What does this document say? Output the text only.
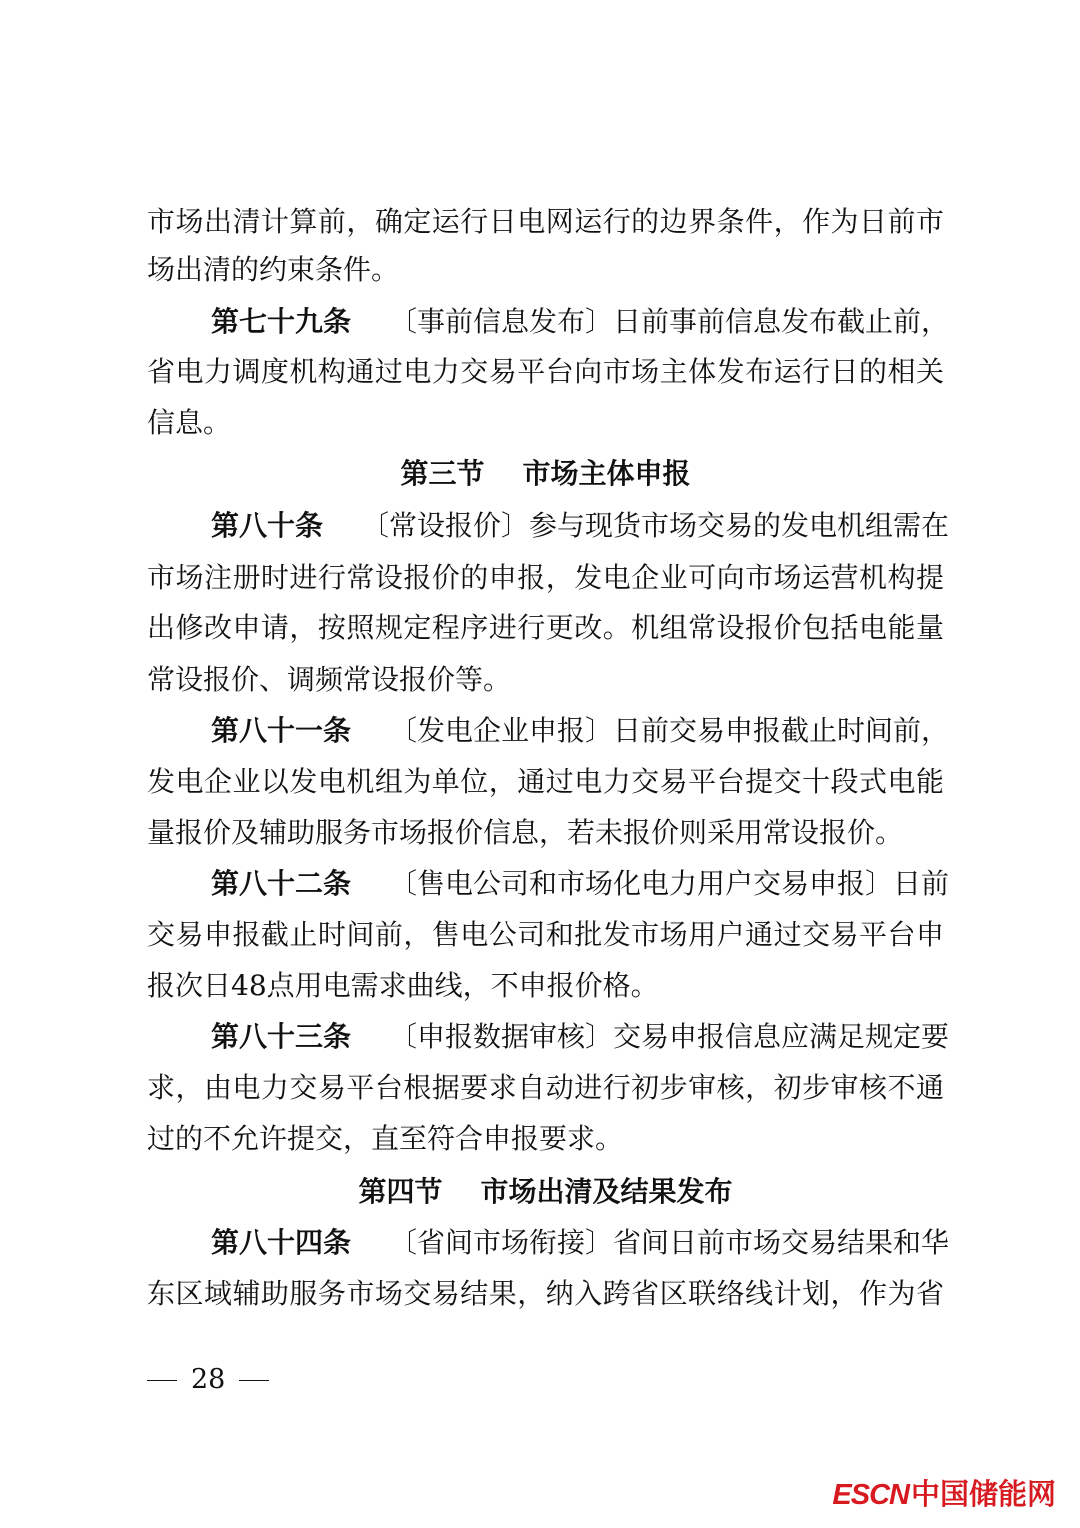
市场出清计算前，确定运行日电网运行的边界条件，作为日前市
场出清的约束条件。
第七十九条 〔事前信息发布〕日前事前信息发布截止前，
省电力调度机构通过电力交易平台向市场主体发布运行日的相关
信息。
第三节 市场主体申报
第八十条 〔常设报价〕参与现货市场交易的发电机组需在
市场注册时进行常设报价的申报，发电企业可向市场运营机构提
出修改申请，按照规定程序进行更改。机组常设报价包括电能量
常设报价、调频常设报价等。
第八十一条 〔发电企业申报〕日前交易申报截止时间前，
发电企业以发电机组为单位，通过电力交易平台提交十段式电能
量报价及辅助服务市场报价信息，若未报价则采用常设报价。
第八十二条 〔售电公司和市场化电力用户交易申报〕日前
交易申报截止时间前，售电公司和批发市场用户通过交易平台申
报次日48点用电需求曲线，不申报价格。
第八十三条 〔申报数据审核〕交易申报信息应满足规定要
求，由电力交易平台根据要求自动进行初步审核，初步审核不通
过的不允许提交，直至符合申报要求。
第四节 市场出清及结果发布
第八十四条 〔省间市场衔接〕省间日前市场交易结果和华
东区域辅助服务市场交易结果，纳入跨省区联络线计划，作为省
28
ESCN中国储能网
